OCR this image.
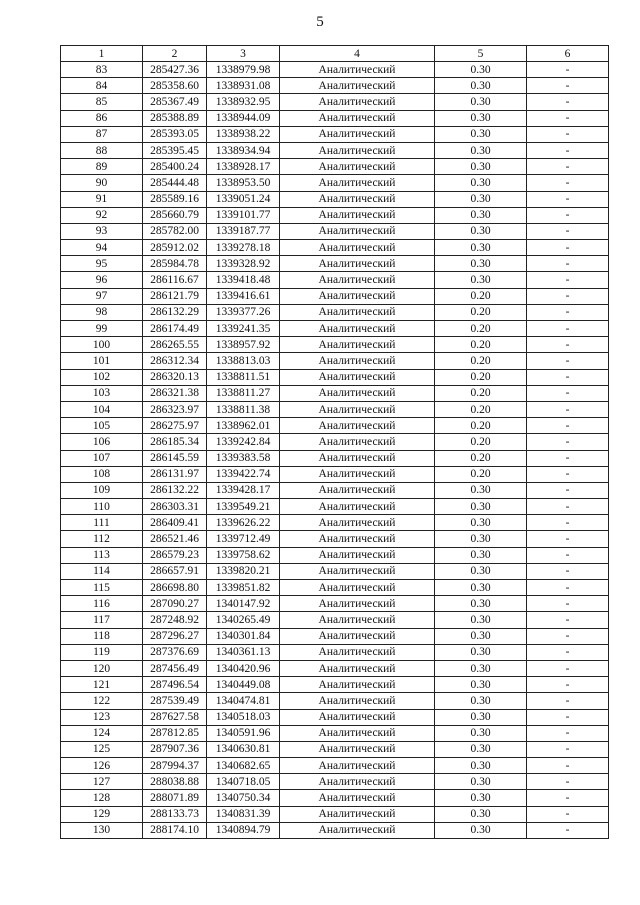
5
1	2	3	4	5	6
83	285427.36	1338979.98	Аналитический	0.30	-
84	285358.60	1338931.08	Аналитический	0.30	-
85	285367.49	1338932.95	Аналитический	0.30	-
86	285388.89	1338944.09	Аналитический	0.30	-
87	285393.05	1338938.22	Аналитический	0.30	-
88	285395.45	1338934.94	Аналитический	0.30	-
89	285400.24	1338928.17	Аналитический	0.30	-
90	285444.48	1338953.50	Аналитический	0.30	-
91	285589.16	1339051.24	Аналитический	0.30	-
92	285660.79	1339101.77	Аналитический	0.30	-
93	285782.00	1339187.77	Аналитический	0.30	-
94	285912.02	1339278.18	Аналитический	0.30	-
95	285984.78	1339328.92	Аналитический	0.30	-
96	286116.67	1339418.48	Аналитический	0.30	-
97	286121.79	1339416.61	Аналитический	0.20	-
98	286132.29	1339377.26	Аналитический	0.20	-
99	286174.49	1339241.35	Аналитический	0.20	-
100	286265.55	1338957.92	Аналитический	0.20	-
101	286312.34	1338813.03	Аналитический	0.20	-
102	286320.13	1338811.51	Аналитический	0.20	-
103	286321.38	1338811.27	Аналитический	0.20	-
104	286323.97	1338811.38	Аналитический	0.20	-
105	286275.97	1338962.01	Аналитический	0.20	-
106	286185.34	1339242.84	Аналитический	0.20	-
107	286145.59	1339383.58	Аналитический	0.20	-
108	286131.97	1339422.74	Аналитический	0.20	-
109	286132.22	1339428.17	Аналитический	0.30	-
110	286303.31	1339549.21	Аналитический	0.30	-
111	286409.41	1339626.22	Аналитический	0.30	-
112	286521.46	1339712.49	Аналитический	0.30	-
113	286579.23	1339758.62	Аналитический	0.30	-
114	286657.91	1339820.21	Аналитический	0.30	-
115	286698.80	1339851.82	Аналитический	0.30	-
116	287090.27	1340147.92	Аналитический	0.30	-
117	287248.92	1340265.49	Аналитический	0.30	-
118	287296.27	1340301.84	Аналитический	0.30	-
119	287376.69	1340361.13	Аналитический	0.30	-
120	287456.49	1340420.96	Аналитический	0.30	-
121	287496.54	1340449.08	Аналитический	0.30	-
122	287539.49	1340474.81	Аналитический	0.30	-
123	287627.58	1340518.03	Аналитический	0.30	-
124	287812.85	1340591.96	Аналитический	0.30	-
125	287907.36	1340630.81	Аналитический	0.30	-
126	287994.37	1340682.65	Аналитический	0.30	-
127	288038.88	1340718.05	Аналитический	0.30	-
128	288071.89	1340750.34	Аналитический	0.30	-
129	288133.73	1340831.39	Аналитический	0.30	-
130	288174.10	1340894.79	Аналитический	0.30	-
